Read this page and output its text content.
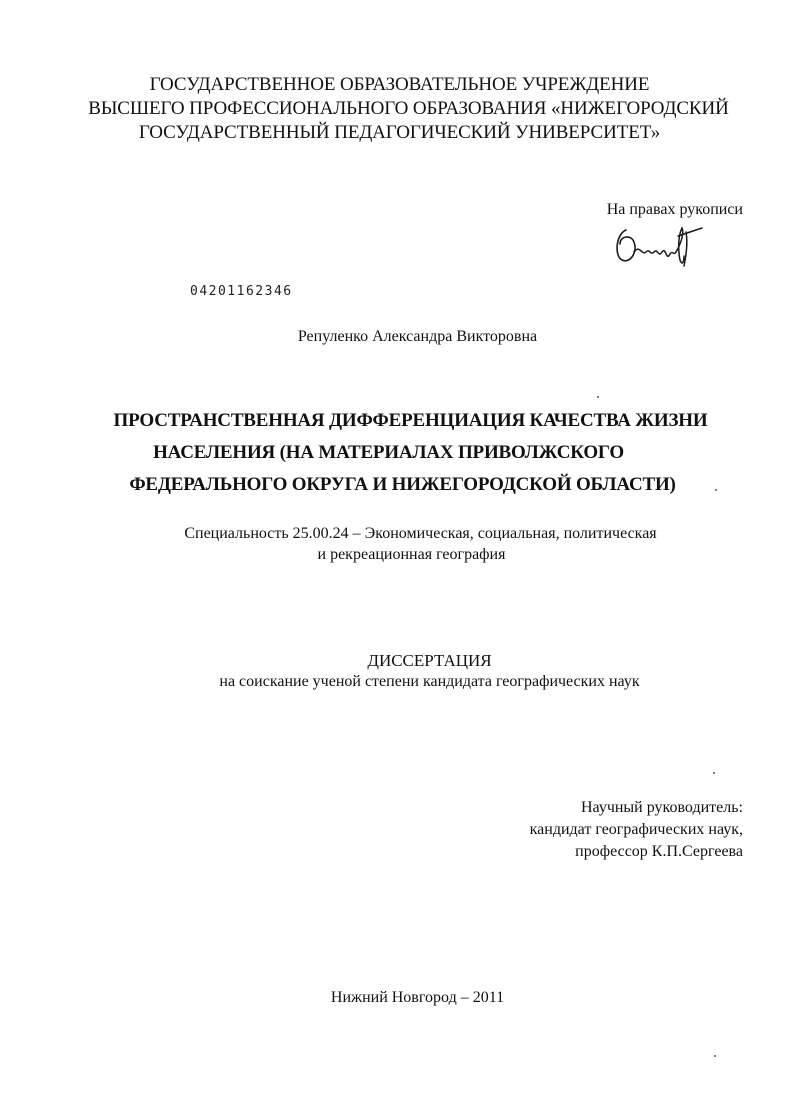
ГОСУДАРСТВЕННОЕ ОБРАЗОВАТЕЛЬНОЕ УЧРЕЖДЕНИЕ
ВЫСШЕГО ПРОФЕССИОНАЛЬНОГО ОБРАЗОВАНИЯ «НИЖЕГОРОДСКИЙ
ГОСУДАРСТВЕННЫЙ ПЕДАГОГИЧЕСКИЙ УНИВЕРСИТЕТ»
На правах рукописи
04201162346
Репуленко Александра Викторовна
ПРОСТРАНСТВЕННАЯ ДИФФЕРЕНЦИАЦИЯ КАЧЕСТВА ЖИЗНИ
НАСЕЛЕНИЯ (НА МАТЕРИАЛАХ ПРИВОЛЖСКОГО
ФЕДЕРАЛЬНОГО ОКРУГА И НИЖЕГОРОДСКОЙ ОБЛАСТИ)
Специальность 25.00.24 – Экономическая, социальная, политическая
и рекреационная география
ДИССЕРТАЦИЯ
на соискание ученой степени кандидата географических наук
Научный руководитель:
кандидат географических наук,
профессор К.П.Сергеева
Нижний Новгород – 2011
